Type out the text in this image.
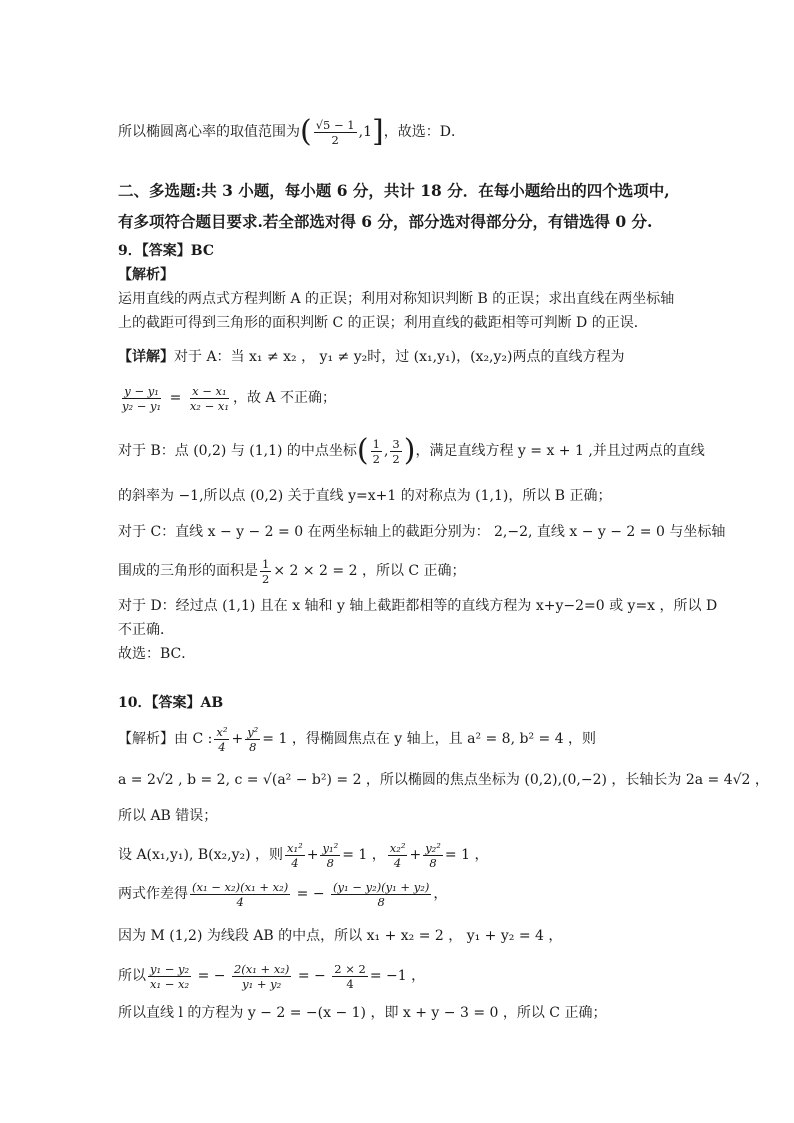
所以椭圆离心率的取值范围为( $\frac{√5 - 1}{2} ,1$]，故选：D．
二、多选题:共 3 小题，每小题 6 分，共计 18 分．在每小题给出的四个选项中,
有多项符合题目要求.若全部选对得 6 分，部分选对得部分分，有错选得 0 分.
9．【答案】BC
【解析】
运用直线的两点式方程判断 A 的正误；利用对称知识判断 B 的正误；求出直线在两坐标轴
上的截距可得到三角形的面积判断 C 的正误；利用直线的截距相等可判断 D 的正误．
【详解】对于 A：当 x₁ ≠ x₂ ， y₁ ≠ y₂时，过 (x₁,y₁)，(x₂,y₂)两点的直线方程为
$\frac{\text{y − y₁}}{\text{y₂ − y₁}} = \frac{\text{x − x₁}}{\text{x₂ − x₁}}$ ，故 A 不正确；
对于 B：点 (0,2) 与 (1,1) 的中点坐标( $\frac{1}{2}$ , $\frac{3}{2}$ )，满足直线方程 y = x + 1 ,并且过两点的直线
的斜率为 −1,所以点 (0,2) 关于直线 y=x+1 的对称点为 (1,1)，所以 B 正确；
对于 C：直线 x − y − 2 = 0 在两坐标轴上的截距分别为： 2,−2, 直线 x − y − 2 = 0 与坐标轴
围成的三角形的面积是 $\frac{1}{2} \times 2 \times 2 = 2$ ，所以 C 正确；
对于 D：经过点 (1,1) 且在 x 轴和 y 轴上截距都相等的直线方程为 x+y−2=0 或 y=x ，所以 D
不正确．
故选：BC．
10．【答案】AB
【解析】由 C : $\frac{\text{x²}}{4} + \frac{\text{y²}}{8} = 1$ ，得椭圆焦点在 y 轴上，且 a² = 8, b² = 4 ，则
a = 2√2 , b = 2, c = √(a² − b²) = 2 ，所以椭圆的焦点坐标为 (0,2),(0,−2) ，长轴长为 2a = 4√2 ，
所以 AB 错误；
设 A(x₁,y₁), B(x₂,y₂) ，则 $\frac{\text{x₁²}}{4} + \frac{\text{y₁²}}{8} = 1$ ， $\frac{\text{x₂²}}{4} + \frac{\text{y₂²}}{8} = 1$ ，
两式作差得 $\frac{\text{(x₁ − x₂)(x₁ + x₂)}}{4}$ = − $\frac{\text{(y₁ − y₂)(y₁ + y₂)}}{8}$ ，
因为 M (1,2) 为线段 AB 的中点，所以 x₁ + x₂ = 2 ， y₁ + y₂ = 4 ，
所以 $\frac{\text{y₁ − y₂}}{\text{x₁ − x₂}}$ = − $\frac{\text{2(x₁ + x₂)}}{\text{y₁ + y₂}}$ = − $\frac{2 \times 2}{4} = -1$ ，
所以直线 l 的方程为 y − 2 = −(x − 1) ，即 x + y − 3 = 0 ，所以 C 正确；
